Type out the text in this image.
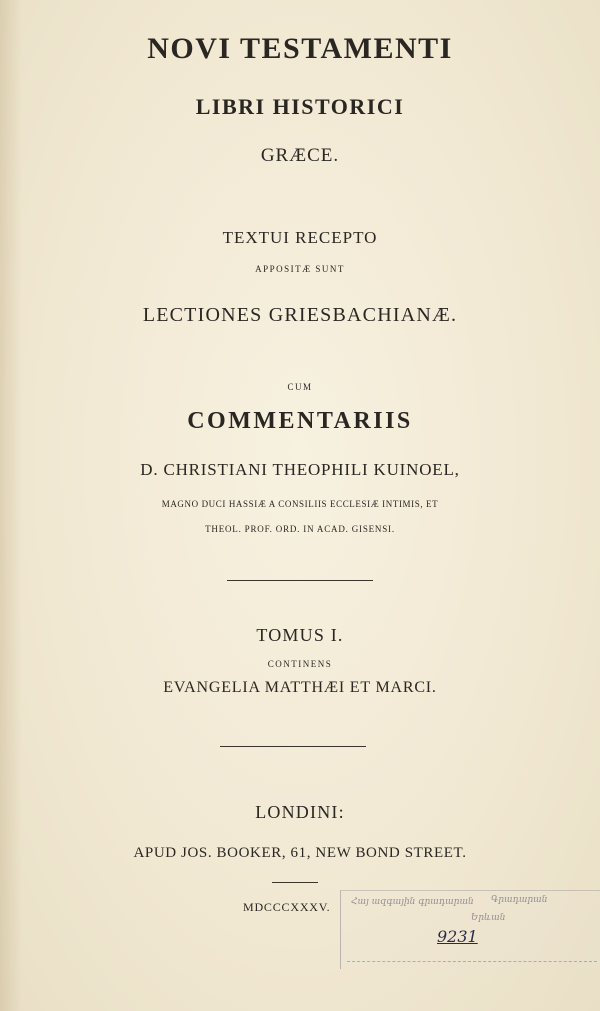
NOVI TESTAMENTI
LIBRI HISTORICI
GRÆCE.
TEXTUI RECEPTO
APPOSITÆ SUNT
LECTIONES GRIESBACHIANÆ.
CUM
COMMENTARIIS
D. CHRISTIANI THEOPHILI KUINOEL,
MAGNO DUCI HASSIÆ A CONSILIIS ECCLESIÆ INTIMIS, ET
THEOL. PROF. ORD. IN ACAD. GISENSI.
TOMUS I.
CONTINENS
EVANGELIA MATTHÆI ET MARCI.
LONDINI:
APUD JOS. BOOKER, 61, NEW BOND STREET.
MDCCCXXXV. Հայ ազգային գրադարան Գրադարան
Երևան
9231
